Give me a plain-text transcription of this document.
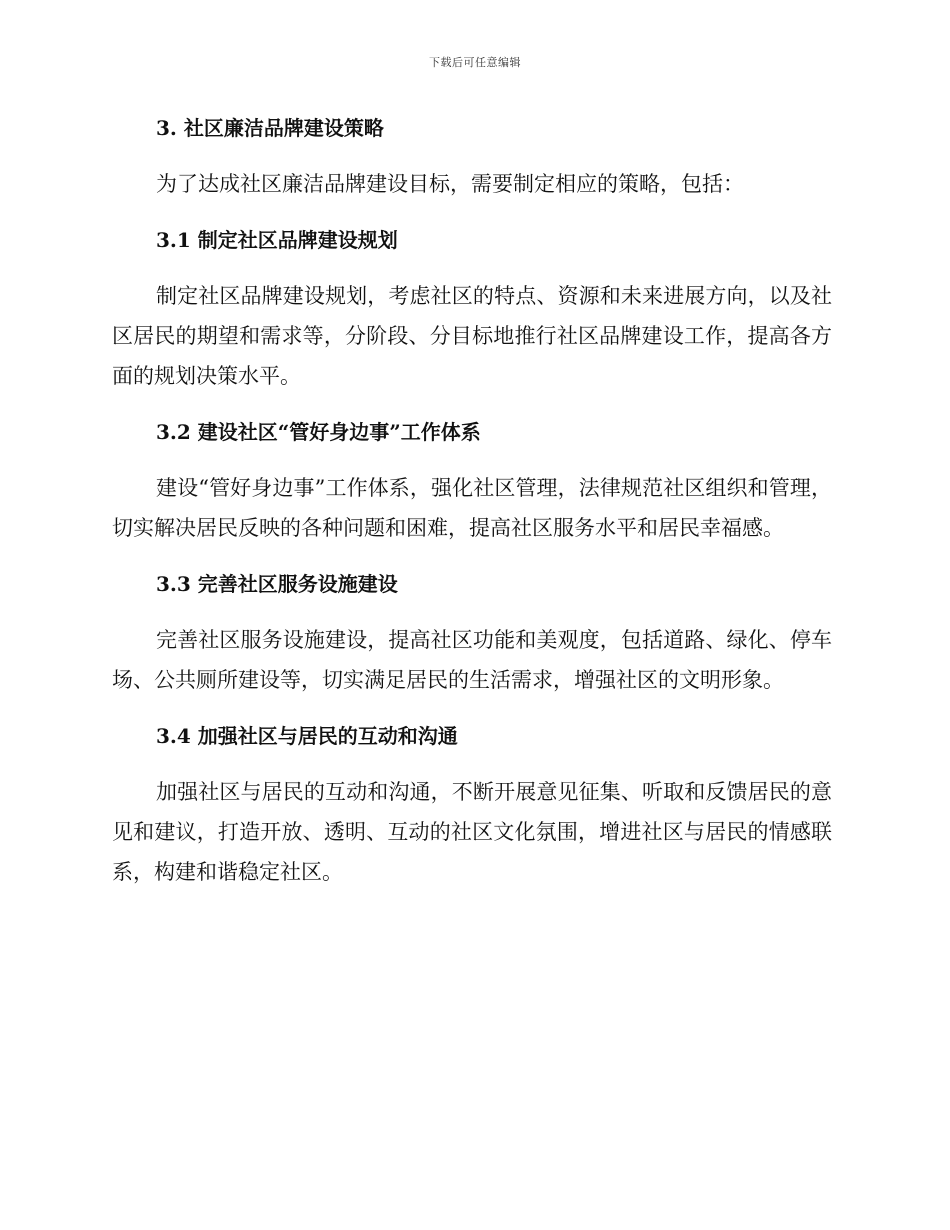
下载后可任意编辑
3. 社区廉洁品牌建设策略

为了达成社区廉洁品牌建设目标，需要制定相应的策略，包括：

3.1 制定社区品牌建设规划

制定社区品牌建设规划，考虑社区的特点、资源和未来进展方向，以及社区居民的期望和需求等，分阶段、分目标地推行社区品牌建设工作，提高各方面的规划决策水平。

3.2 建设社区“管好身边事”工作体系

建设“管好身边事”工作体系，强化社区管理，法律规范社区组织和管理，切实解决居民反映的各种问题和困难，提高社区服务水平和居民幸福感。

3.3 完善社区服务设施建设

完善社区服务设施建设，提高社区功能和美观度，包括道路、绿化、停车场、公共厕所建设等，切实满足居民的生活需求，增强社区的文明形象。

3.4 加强社区与居民的互动和沟通

加强社区与居民的互动和沟通，不断开展意见征集、听取和反馈居民的意见和建议，打造开放、透明、互动的社区文化氛围，增进社区与居民的情感联系，构建和谐稳定社区。
